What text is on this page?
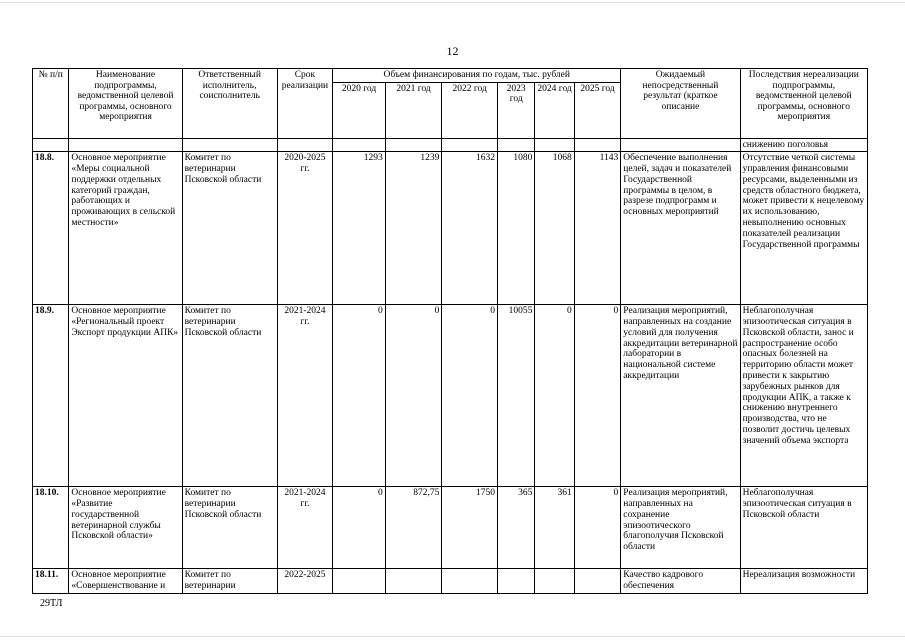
12
№ п/п	Наименование подпрограммы, ведомственной целевой программы, основного мероприятия	Ответственный исполнитель, соисполнитель	Срок реализации	Объем финансирования по годам, тыс. рублей						Ожидаемый непосредственный результат (краткое описание	Последствия нереализации подпрограммы, ведомственной целевой программы, основного мероприятия
				2020 год	2021 год	2022 год	2023 год	2024 год	2025 год		
											снижению поголовья
18.8.	Основное мероприятие «Меры социальной поддержки отдельных категорий граждан, работающих и проживающих в сельской местности»	Комитет по ветеринарии Псковской области	2020-2025 гг.	1293	1239	1632	1080	1068	1143	Обеспечение выполнения целей, задач и показателей Государственной программы в целом, в разрезе подпрограмм и основных мероприятий	Отсутствие четкой системы управления финансовыми ресурсами, выделенными из средств областного бюджета, может привести к нецелевому их использованию, невыполнению основных показателей реализации Государственной программы
18.9.	Основное мероприятие «Региональный проект Экспорт продукции АПК»	Комитет по ветеринарии Псковской области	2021-2024 гг.	0	0	0	10055	0	0	Реализация мероприятий, направленных на создание условий для получения аккредитации ветеринарной лаборатории в национальной системе аккредитации	Неблагополучная эпизоотическая ситуация в Псковской области, занос и распространение особо опасных болезней на территорию области может привести к закрытию зарубежных рынков для продукции АПК, а также к снижению внутреннего производства, что не позволит достичь целевых значений объема экспорта
18.10.	Основное мероприятие «Развитие государственной ветеринарной службы Псковской области»	Комитет по ветеринарии Псковской области	2021-2024 гг.	0	872,75	1750	365	361	0	Реализация мероприятий, направленных на сохранение эпизоотического благополучия Псковской области	Неблагополучная эпизоотическая ситуация в Псковской области
18.11.	Основное мероприятие «Совершенствование и	Комитет по ветеринарии	2022-2025							Качество кадрового обеспечения	Нереализация возможности
29ТЛ
